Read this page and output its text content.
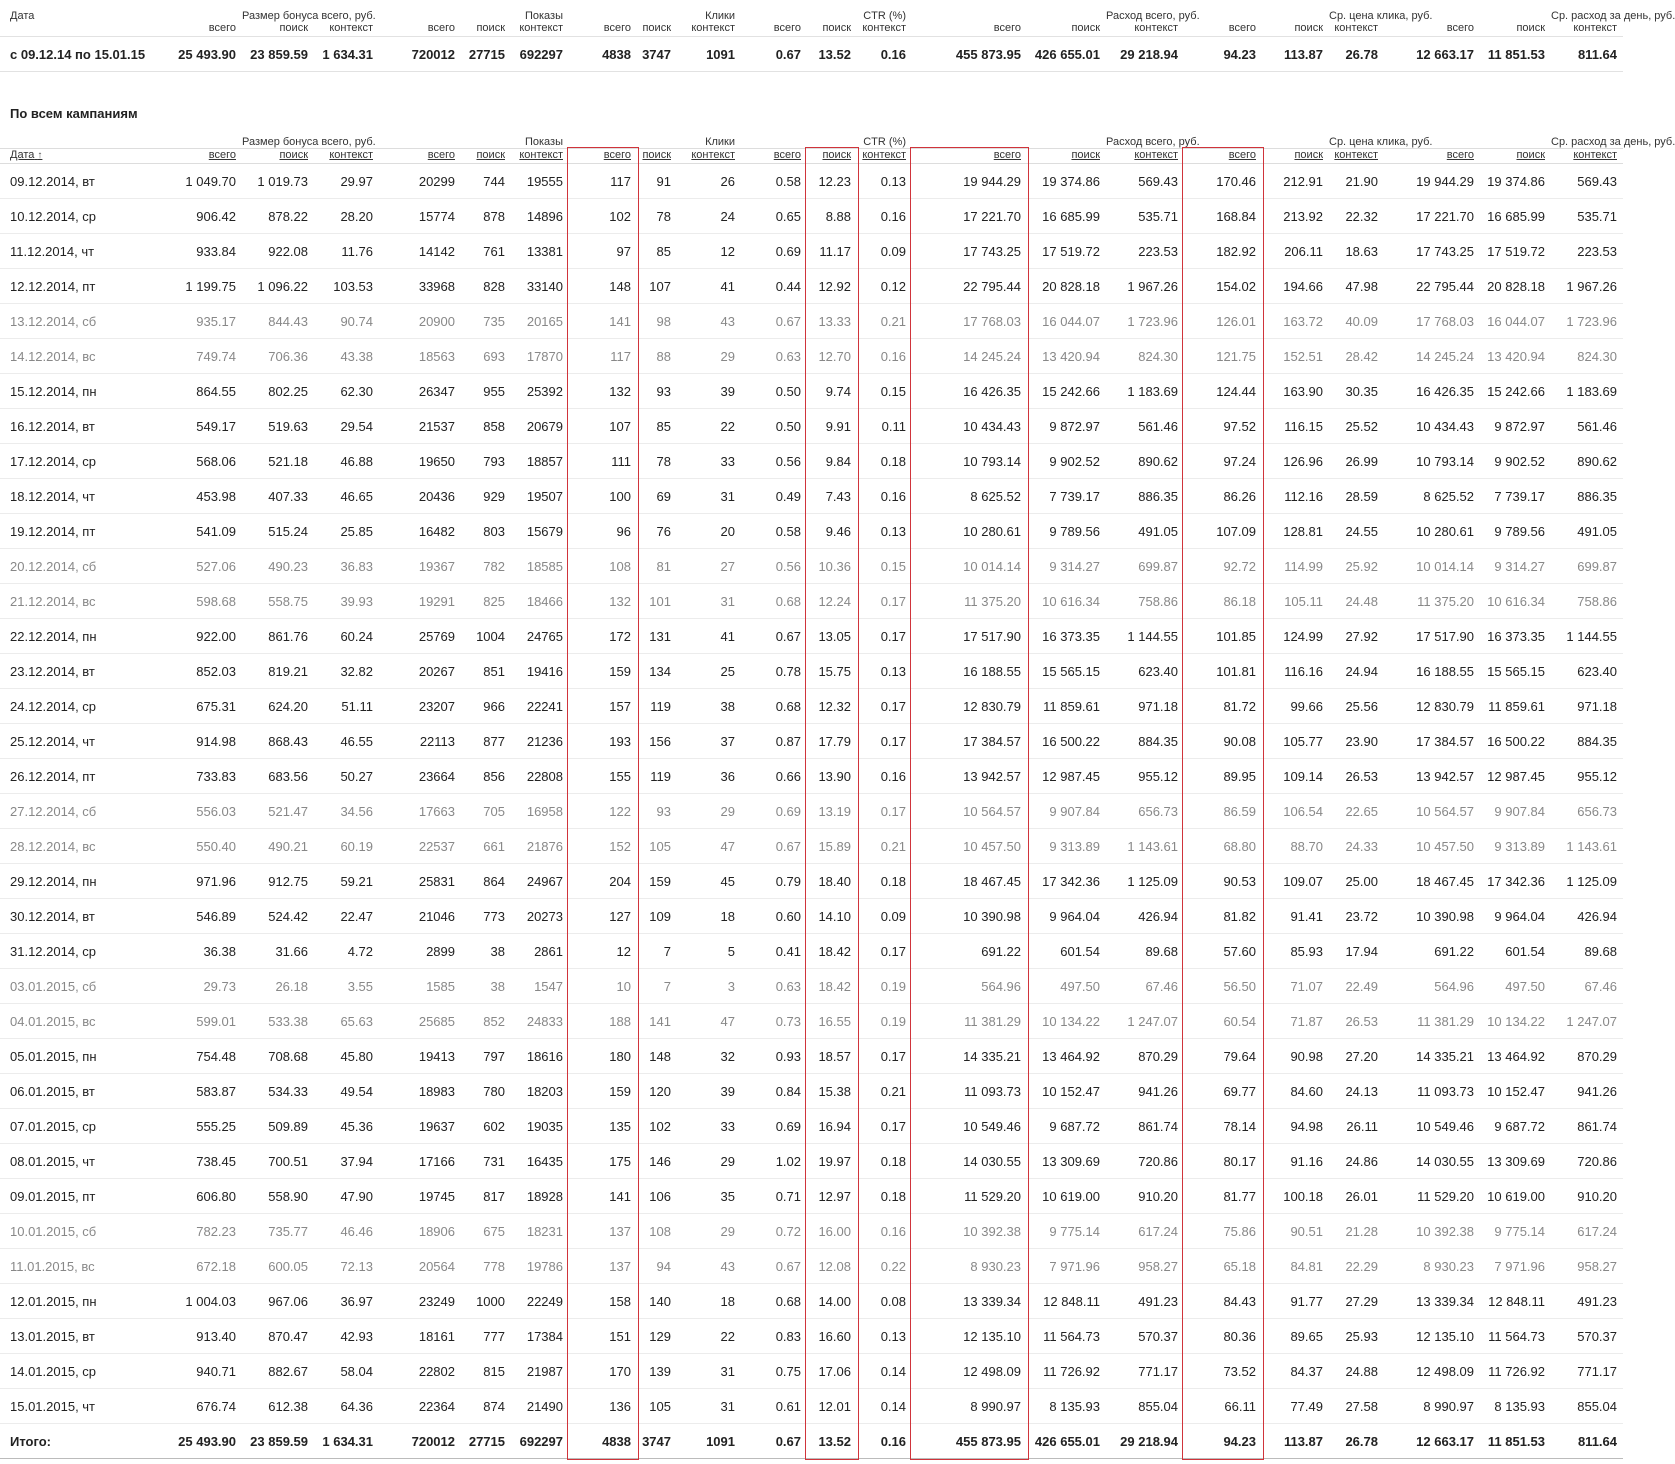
Дата		Размер бонуса всего, руб.				Показы			Клики			CTR (%)			Расход всего, руб.			Ср. цена клика, руб.			Ср. расход за день, руб.
	всего	поиск	контекст	всего	поиск	контекст	всего	поиск	контекст	всего	поиск	контекст	всего	поиск	контекст	всего	поиск	контекст	всего	поиск	контекст
с 09.12.14 по 15.01.15	25 493.90	23 859.59	1 634.31	720012	27715	692297	4838	3747	1091	0.67	13.52	0.16	455 873.95	426 655.01	29 218.94	94.23	113.87	26.78	12 663.17	11 851.53	811.64
По всем кампаниям
		Размер бонуса всего, руб.				Показы			Клики			CTR (%)			Расход всего, руб.			Ср. цена клика, руб.			Ср. расход за день, руб.
Дата ↑	всего	поиск	контекст	всего	поиск	контекст	всего	поиск	контекст	всего	поиск	контекст	всего	поиск	контекст	всего	поиск	контекст	всего	поиск	контекст
09.12.2014, вт	1 049.70	1 019.73	29.97	20299	744	19555	117	91	26	0.58	12.23	0.13	19 944.29	19 374.86	569.43	170.46	212.91	21.90	19 944.29	19 374.86	569.43
10.12.2014, ср	906.42	878.22	28.20	15774	878	14896	102	78	24	0.65	8.88	0.16	17 221.70	16 685.99	535.71	168.84	213.92	22.32	17 221.70	16 685.99	535.71
11.12.2014, чт	933.84	922.08	11.76	14142	761	13381	97	85	12	0.69	11.17	0.09	17 743.25	17 519.72	223.53	182.92	206.11	18.63	17 743.25	17 519.72	223.53
12.12.2014, пт	1 199.75	1 096.22	103.53	33968	828	33140	148	107	41	0.44	12.92	0.12	22 795.44	20 828.18	1 967.26	154.02	194.66	47.98	22 795.44	20 828.18	1 967.26
13.12.2014, сб	935.17	844.43	90.74	20900	735	20165	141	98	43	0.67	13.33	0.21	17 768.03	16 044.07	1 723.96	126.01	163.72	40.09	17 768.03	16 044.07	1 723.96
14.12.2014, вс	749.74	706.36	43.38	18563	693	17870	117	88	29	0.63	12.70	0.16	14 245.24	13 420.94	824.30	121.75	152.51	28.42	14 245.24	13 420.94	824.30
15.12.2014, пн	864.55	802.25	62.30	26347	955	25392	132	93	39	0.50	9.74	0.15	16 426.35	15 242.66	1 183.69	124.44	163.90	30.35	16 426.35	15 242.66	1 183.69
16.12.2014, вт	549.17	519.63	29.54	21537	858	20679	107	85	22	0.50	9.91	0.11	10 434.43	9 872.97	561.46	97.52	116.15	25.52	10 434.43	9 872.97	561.46
17.12.2014, ср	568.06	521.18	46.88	19650	793	18857	111	78	33	0.56	9.84	0.18	10 793.14	9 902.52	890.62	97.24	126.96	26.99	10 793.14	9 902.52	890.62
18.12.2014, чт	453.98	407.33	46.65	20436	929	19507	100	69	31	0.49	7.43	0.16	8 625.52	7 739.17	886.35	86.26	112.16	28.59	8 625.52	7 739.17	886.35
19.12.2014, пт	541.09	515.24	25.85	16482	803	15679	96	76	20	0.58	9.46	0.13	10 280.61	9 789.56	491.05	107.09	128.81	24.55	10 280.61	9 789.56	491.05
20.12.2014, сб	527.06	490.23	36.83	19367	782	18585	108	81	27	0.56	10.36	0.15	10 014.14	9 314.27	699.87	92.72	114.99	25.92	10 014.14	9 314.27	699.87
21.12.2014, вс	598.68	558.75	39.93	19291	825	18466	132	101	31	0.68	12.24	0.17	11 375.20	10 616.34	758.86	86.18	105.11	24.48	11 375.20	10 616.34	758.86
22.12.2014, пн	922.00	861.76	60.24	25769	1004	24765	172	131	41	0.67	13.05	0.17	17 517.90	16 373.35	1 144.55	101.85	124.99	27.92	17 517.90	16 373.35	1 144.55
23.12.2014, вт	852.03	819.21	32.82	20267	851	19416	159	134	25	0.78	15.75	0.13	16 188.55	15 565.15	623.40	101.81	116.16	24.94	16 188.55	15 565.15	623.40
24.12.2014, ср	675.31	624.20	51.11	23207	966	22241	157	119	38	0.68	12.32	0.17	12 830.79	11 859.61	971.18	81.72	99.66	25.56	12 830.79	11 859.61	971.18
25.12.2014, чт	914.98	868.43	46.55	22113	877	21236	193	156	37	0.87	17.79	0.17	17 384.57	16 500.22	884.35	90.08	105.77	23.90	17 384.57	16 500.22	884.35
26.12.2014, пт	733.83	683.56	50.27	23664	856	22808	155	119	36	0.66	13.90	0.16	13 942.57	12 987.45	955.12	89.95	109.14	26.53	13 942.57	12 987.45	955.12
27.12.2014, сб	556.03	521.47	34.56	17663	705	16958	122	93	29	0.69	13.19	0.17	10 564.57	9 907.84	656.73	86.59	106.54	22.65	10 564.57	9 907.84	656.73
28.12.2014, вс	550.40	490.21	60.19	22537	661	21876	152	105	47	0.67	15.89	0.21	10 457.50	9 313.89	1 143.61	68.80	88.70	24.33	10 457.50	9 313.89	1 143.61
29.12.2014, пн	971.96	912.75	59.21	25831	864	24967	204	159	45	0.79	18.40	0.18	18 467.45	17 342.36	1 125.09	90.53	109.07	25.00	18 467.45	17 342.36	1 125.09
30.12.2014, вт	546.89	524.42	22.47	21046	773	20273	127	109	18	0.60	14.10	0.09	10 390.98	9 964.04	426.94	81.82	91.41	23.72	10 390.98	9 964.04	426.94
31.12.2014, ср	36.38	31.66	4.72	2899	38	2861	12	7	5	0.41	18.42	0.17	691.22	601.54	89.68	57.60	85.93	17.94	691.22	601.54	89.68
03.01.2015, сб	29.73	26.18	3.55	1585	38	1547	10	7	3	0.63	18.42	0.19	564.96	497.50	67.46	56.50	71.07	22.49	564.96	497.50	67.46
04.01.2015, вс	599.01	533.38	65.63	25685	852	24833	188	141	47	0.73	16.55	0.19	11 381.29	10 134.22	1 247.07	60.54	71.87	26.53	11 381.29	10 134.22	1 247.07
05.01.2015, пн	754.48	708.68	45.80	19413	797	18616	180	148	32	0.93	18.57	0.17	14 335.21	13 464.92	870.29	79.64	90.98	27.20	14 335.21	13 464.92	870.29
06.01.2015, вт	583.87	534.33	49.54	18983	780	18203	159	120	39	0.84	15.38	0.21	11 093.73	10 152.47	941.26	69.77	84.60	24.13	11 093.73	10 152.47	941.26
07.01.2015, ср	555.25	509.89	45.36	19637	602	19035	135	102	33	0.69	16.94	0.17	10 549.46	9 687.72	861.74	78.14	94.98	26.11	10 549.46	9 687.72	861.74
08.01.2015, чт	738.45	700.51	37.94	17166	731	16435	175	146	29	1.02	19.97	0.18	14 030.55	13 309.69	720.86	80.17	91.16	24.86	14 030.55	13 309.69	720.86
09.01.2015, пт	606.80	558.90	47.90	19745	817	18928	141	106	35	0.71	12.97	0.18	11 529.20	10 619.00	910.20	81.77	100.18	26.01	11 529.20	10 619.00	910.20
10.01.2015, сб	782.23	735.77	46.46	18906	675	18231	137	108	29	0.72	16.00	0.16	10 392.38	9 775.14	617.24	75.86	90.51	21.28	10 392.38	9 775.14	617.24
11.01.2015, вс	672.18	600.05	72.13	20564	778	19786	137	94	43	0.67	12.08	0.22	8 930.23	7 971.96	958.27	65.18	84.81	22.29	8 930.23	7 971.96	958.27
12.01.2015, пн	1 004.03	967.06	36.97	23249	1000	22249	158	140	18	0.68	14.00	0.08	13 339.34	12 848.11	491.23	84.43	91.77	27.29	13 339.34	12 848.11	491.23
13.01.2015, вт	913.40	870.47	42.93	18161	777	17384	151	129	22	0.83	16.60	0.13	12 135.10	11 564.73	570.37	80.36	89.65	25.93	12 135.10	11 564.73	570.37
14.01.2015, ср	940.71	882.67	58.04	22802	815	21987	170	139	31	0.75	17.06	0.14	12 498.09	11 726.92	771.17	73.52	84.37	24.88	12 498.09	11 726.92	771.17
15.01.2015, чт	676.74	612.38	64.36	22364	874	21490	136	105	31	0.61	12.01	0.14	8 990.97	8 135.93	855.04	66.11	77.49	27.58	8 990.97	8 135.93	855.04
Итого:	25 493.90	23 859.59	1 634.31	720012	27715	692297	4838	3747	1091	0.67	13.52	0.16	455 873.95	426 655.01	29 218.94	94.23	113.87	26.78	12 663.17	11 851.53	811.64
